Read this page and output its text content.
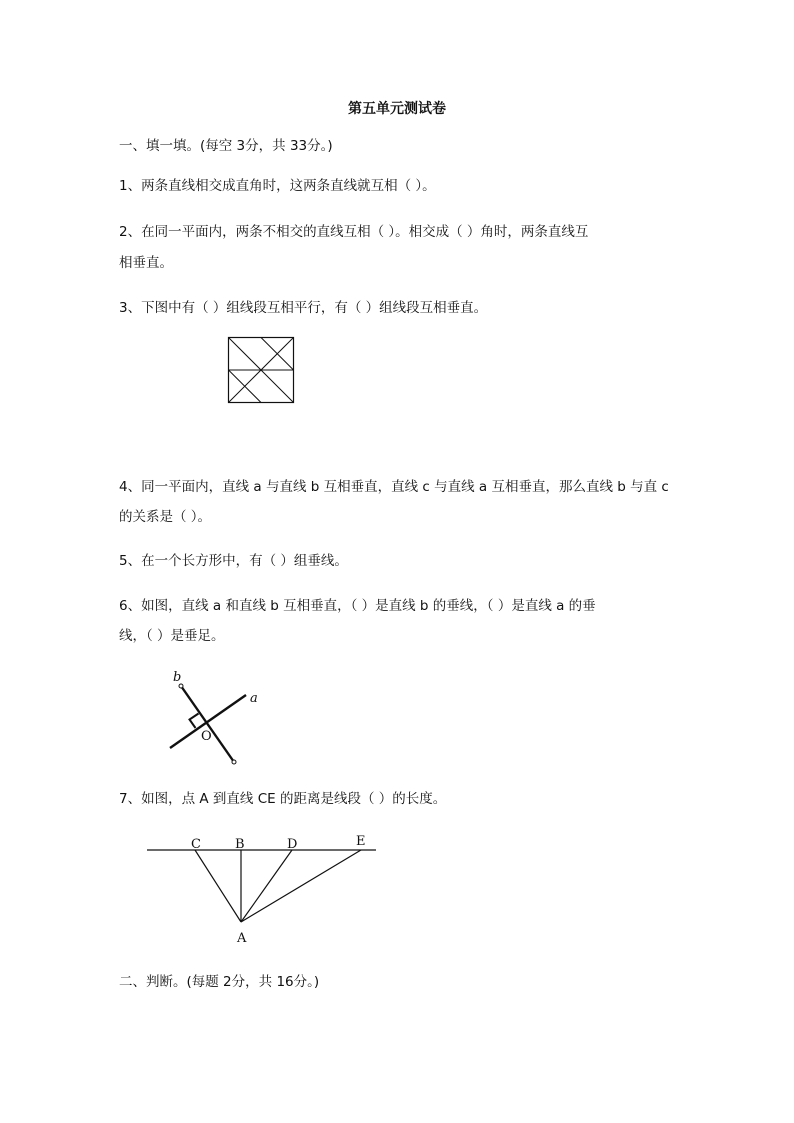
第五单元测试卷
一、填一填。(每空 3分，共 33分。)
1、两条直线相交成直角时，这两条直线就互相（ ）。
2、在同一平面内，两条不相交的直线互相（ ）。相交成（ ）角时，两条直线互
相垂直。
3、下图中有（ ）组线段互相平行，有（ ）组线段互相垂直。
4、同一平面内，直线 a 与直线 b 互相垂直，直线 c 与直线 a 互相垂直，那么直线 b 与直 c
的关系是（ ）。
5、在一个长方形中，有（ ）组垂线。
6、如图，直线 a 和直线 b 互相垂直，（ ）是直线 b 的垂线，（ ）是直线 a 的垂
线，（ ）是垂足。
b
a
O
7、如图，点 A 到直线 CE 的距离是线段（ ）的长度。
C	B	D	E
A
二、判断。(每题 2分，共 16分。)
